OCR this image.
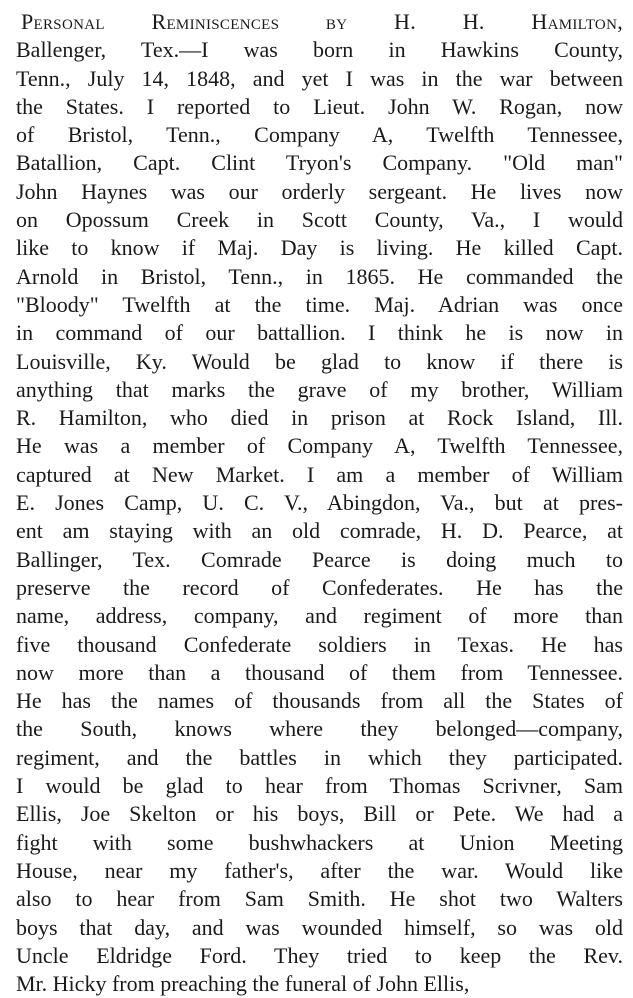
Personal Reminiscences by H. H. Hamilton,
Ballenger, Tex.—I was born in Hawkins County,
Tenn., July 14, 1848, and yet I was in the war between
the States. I reported to Lieut. John W. Rogan, now
of Bristol, Tenn., Company A, Twelfth Tennessee,
Batallion, Capt. Clint Tryon's Company. "Old man"
John Haynes was our orderly sergeant. He lives now
on Opossum Creek in Scott County, Va., I would
like to know if Maj. Day is living. He killed Capt.
Arnold in Bristol, Tenn., in 1865. He commanded the
"Bloody" Twelfth at the time. Maj. Adrian was once
in command of our battallion. I think he is now in
Louisville, Ky. Would be glad to know if there is
anything that marks the grave of my brother, William
R. Hamilton, who died in prison at Rock Island, Ill.
He was a member of Company A, Twelfth Tennessee,
captured at New Market. I am a member of William
E. Jones Camp, U. C. V., Abingdon, Va., but at pres-
ent am staying with an old comrade, H. D. Pearce, at
Ballinger, Tex. Comrade Pearce is doing much to
preserve the record of Confederates. He has the
name, address, company, and regiment of more than
five thousand Confederate soldiers in Texas. He has
now more than a thousand of them from Tennessee.
He has the names of thousands from all the States of
the South, knows where they belonged—company,
regiment, and the battles in which they participated.
I would be glad to hear from Thomas Scrivner, Sam
Ellis, Joe Skelton or his boys, Bill or Pete. We had a
fight with some bushwhackers at Union Meeting
House, near my father's, after the war. Would like
also to hear from Sam Smith. He shot two Walters
boys that day, and was wounded himself, so was old
Uncle Eldridge Ford. They tried to keep the Rev.
Mr. Hicky from preaching the funeral of John Ellis,
